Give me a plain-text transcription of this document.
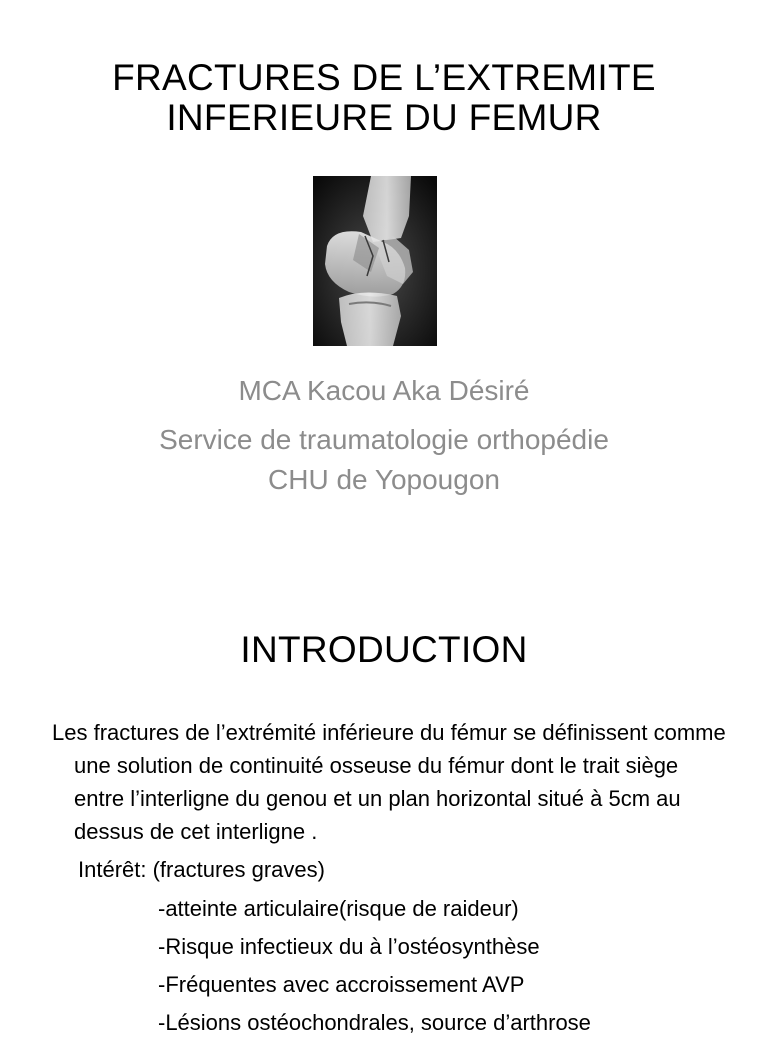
FRACTURES DE L’EXTREMITE
INFERIEURE DU FEMUR
MCA Kacou Aka Désiré
Service de traumatologie orthopédie
CHU de Yopougon
INTRODUCTION
Les fractures de l’extrémité inférieure du fémur se définissent comme une solution de continuité osseuse du fémur dont le trait siège entre l’interligne du genou et un plan horizontal situé à 5cm au dessus de cet interligne .
Intérêt: (fractures graves)
-atteinte articulaire(risque de raideur)
-Risque infectieux du à l’ostéosynthèse
-Fréquentes avec accroissement AVP
-Lésions ostéochondrales, source d’arthrose
